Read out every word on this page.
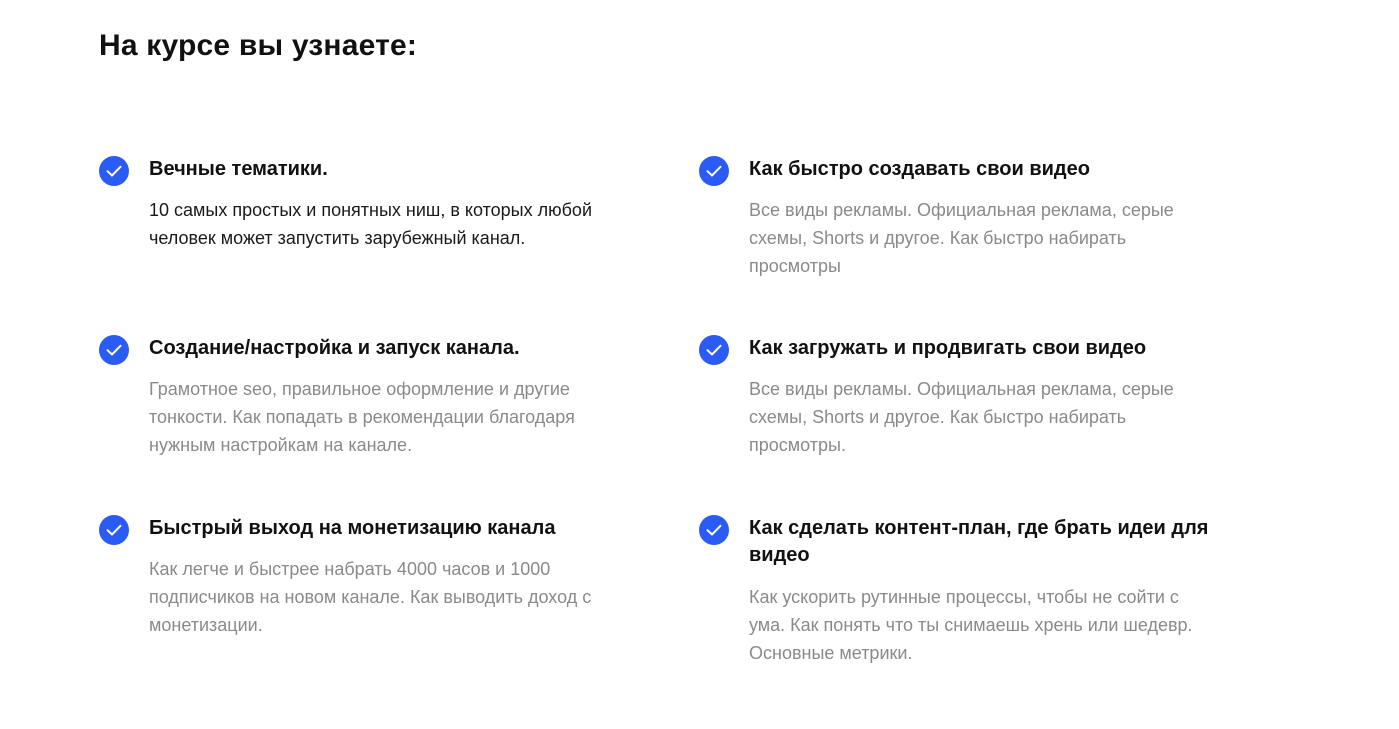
На курсе вы узнаете:
Вечные тематики.

10 самых простых и понятных ниш, в которых любой
человек может запустить зарубежный канал.

Как быстро создавать свои видео

Все виды рекламы. Официальная реклама, серые
схемы, Shorts и другое. Как быстро набирать
просмотры

Создание/настройка и запуск канала.

Грамотное seo, правильное оформление и другие
тонкости. Как попадать в рекомендации благодаря
нужным настройкам на канале.

Как загружать и продвигать свои видео

Все виды рекламы. Официальная реклама, серые
схемы, Shorts и другое. Как быстро набирать
просмотры.

Быстрый выход на монетизацию канала

Как легче и быстрее набрать 4000 часов и 1000
подписчиков на новом канале. Как выводить доход с
монетизации.

Как сделать контент-план, где брать идеи для
видео

Как ускорить рутинные процессы, чтобы не сойти с
ума. Как понять что ты снимаешь хрень или шедевр.
Основные метрики.
